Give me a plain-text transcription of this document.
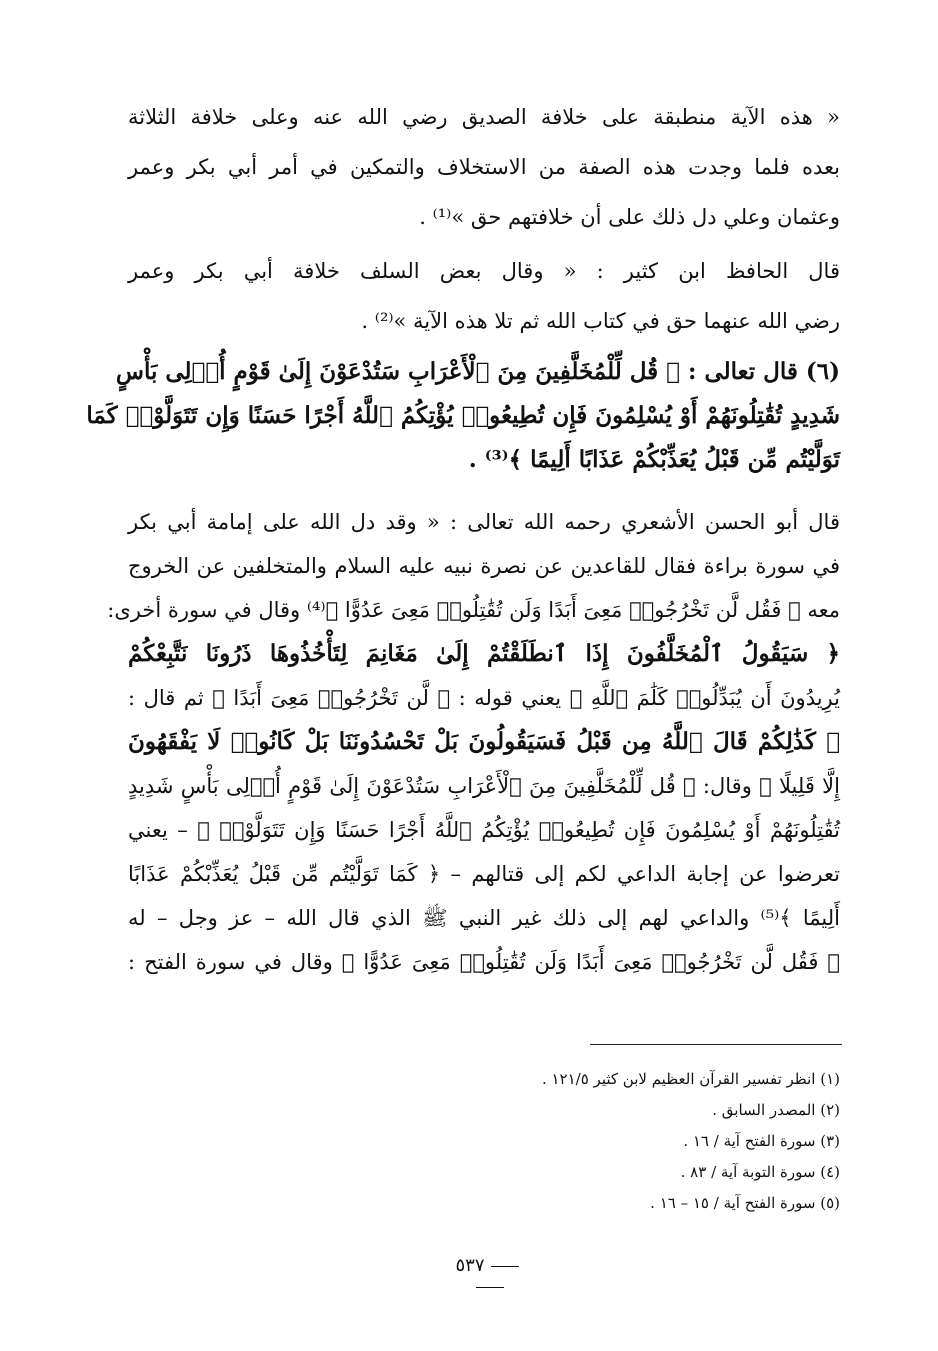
« هذه الآية منطبقة على خلافة الصديق رضي الله عنه وعلى خلافة الثلاثة
بعده فلما وجدت هذه الصفة من الاستخلاف والتمكين في أمر أبي بكر وعمر
وعثمان وعلي دل ذلك على أن خلافتهم حق »⁽¹⁾ .
قال الحافظ ابن كثير : « وقال بعض السلف خلافة أبي بكر وعمر
رضي الله عنهما حق في كتاب الله ثم تلا هذه الآية »⁽²⁾ .
(٦) قال تعالى : ﴿ قُل لِّلْمُخَلَّفِينَ مِنَ ٱلْأَعْرَابِ سَتُدْعَوْنَ إِلَىٰ قَوْمٍ أُو۟لِى بَأْسٍ
شَدِيدٍ تُقَٰتِلُونَهُمْ أَوْ يُسْلِمُونَ فَإِن تُطِيعُوا۟ يُؤْتِكُمُ ٱللَّهُ أَجْرًا حَسَنًا وَإِن تَتَوَلَّوْا۟ كَمَا
تَوَلَّيْتُم مِّن قَبْلُ يُعَذِّبْكُمْ عَذَابًا أَلِيمًا ﴾⁽³⁾ .
قال أبو الحسن الأشعري رحمه الله تعالى : « وقد دل الله على إمامة أبي بكر
في سورة براءة فقال للقاعدين عن نصرة نبيه عليه السلام والمتخلفين عن الخروج
معه ﴿ فَقُل لَّن تَخْرُجُوا۟ مَعِىَ أَبَدًا وَلَن تُقَٰتِلُوا۟ مَعِىَ عَدُوًّا ﴾⁽⁴⁾ وقال في سورة أخرى:
﴿ سَيَقُولُ ٱلْمُخَلَّفُونَ إِذَا ٱنطَلَقْتُمْ إِلَىٰ مَغَانِمَ لِتَأْخُذُوهَا ذَرُونَا نَتَّبِعْكُمْ
يُرِيدُونَ أَن يُبَدِّلُوا۟ كَلَٰمَ ٱللَّهِ ﴾ يعني قوله : ﴿ لَّن تَخْرُجُوا۟ مَعِىَ أَبَدًا ﴾ ثم قال :
﴿ كَذَٰلِكُمْ قَالَ ٱللَّهُ مِن قَبْلُ فَسَيَقُولُونَ بَلْ تَحْسُدُونَنَا بَلْ كَانُوا۟ لَا يَفْقَهُونَ
إِلَّا قَلِيلًا ﴾ وقال: ﴿ قُل لِّلْمُخَلَّفِينَ مِنَ ٱلْأَعْرَابِ سَتُدْعَوْنَ إِلَىٰ قَوْمٍ أُو۟لِى بَأْسٍ شَدِيدٍ
تُقَٰتِلُونَهُمْ أَوْ يُسْلِمُونَ فَإِن تُطِيعُوا۟ يُؤْتِكُمُ ٱللَّهُ أَجْرًا حَسَنًا وَإِن تَتَوَلَّوْا۟ ﴾ – يعني
تعرضوا عن إجابة الداعي لكم إلى قتالهم – ﴿ كَمَا تَوَلَّيْتُم مِّن قَبْلُ يُعَذِّبْكُمْ عَذَابًا
أَلِيمًا ﴾⁽⁵⁾ والداعي لهم إلى ذلك غير النبي ﷺ الذي قال الله – عز وجل – له
﴿ فَقُل لَّن تَخْرُجُوا۟ مَعِىَ أَبَدًا وَلَن تُقَٰتِلُوا۟ مَعِىَ عَدُوًّا ﴾ وقال في سورة الفتح :
(١) انظر تفسير القرآن العظيم لابن كثير ١٢١/٥ .
(٢) المصدر السابق .
(٣) سورة الفتح آية / ١٦ .
(٤) سورة التوبة آية / ٨٣ .
(٥) سورة الفتح آية / ١٥ – ١٦ .
٥٣٧
